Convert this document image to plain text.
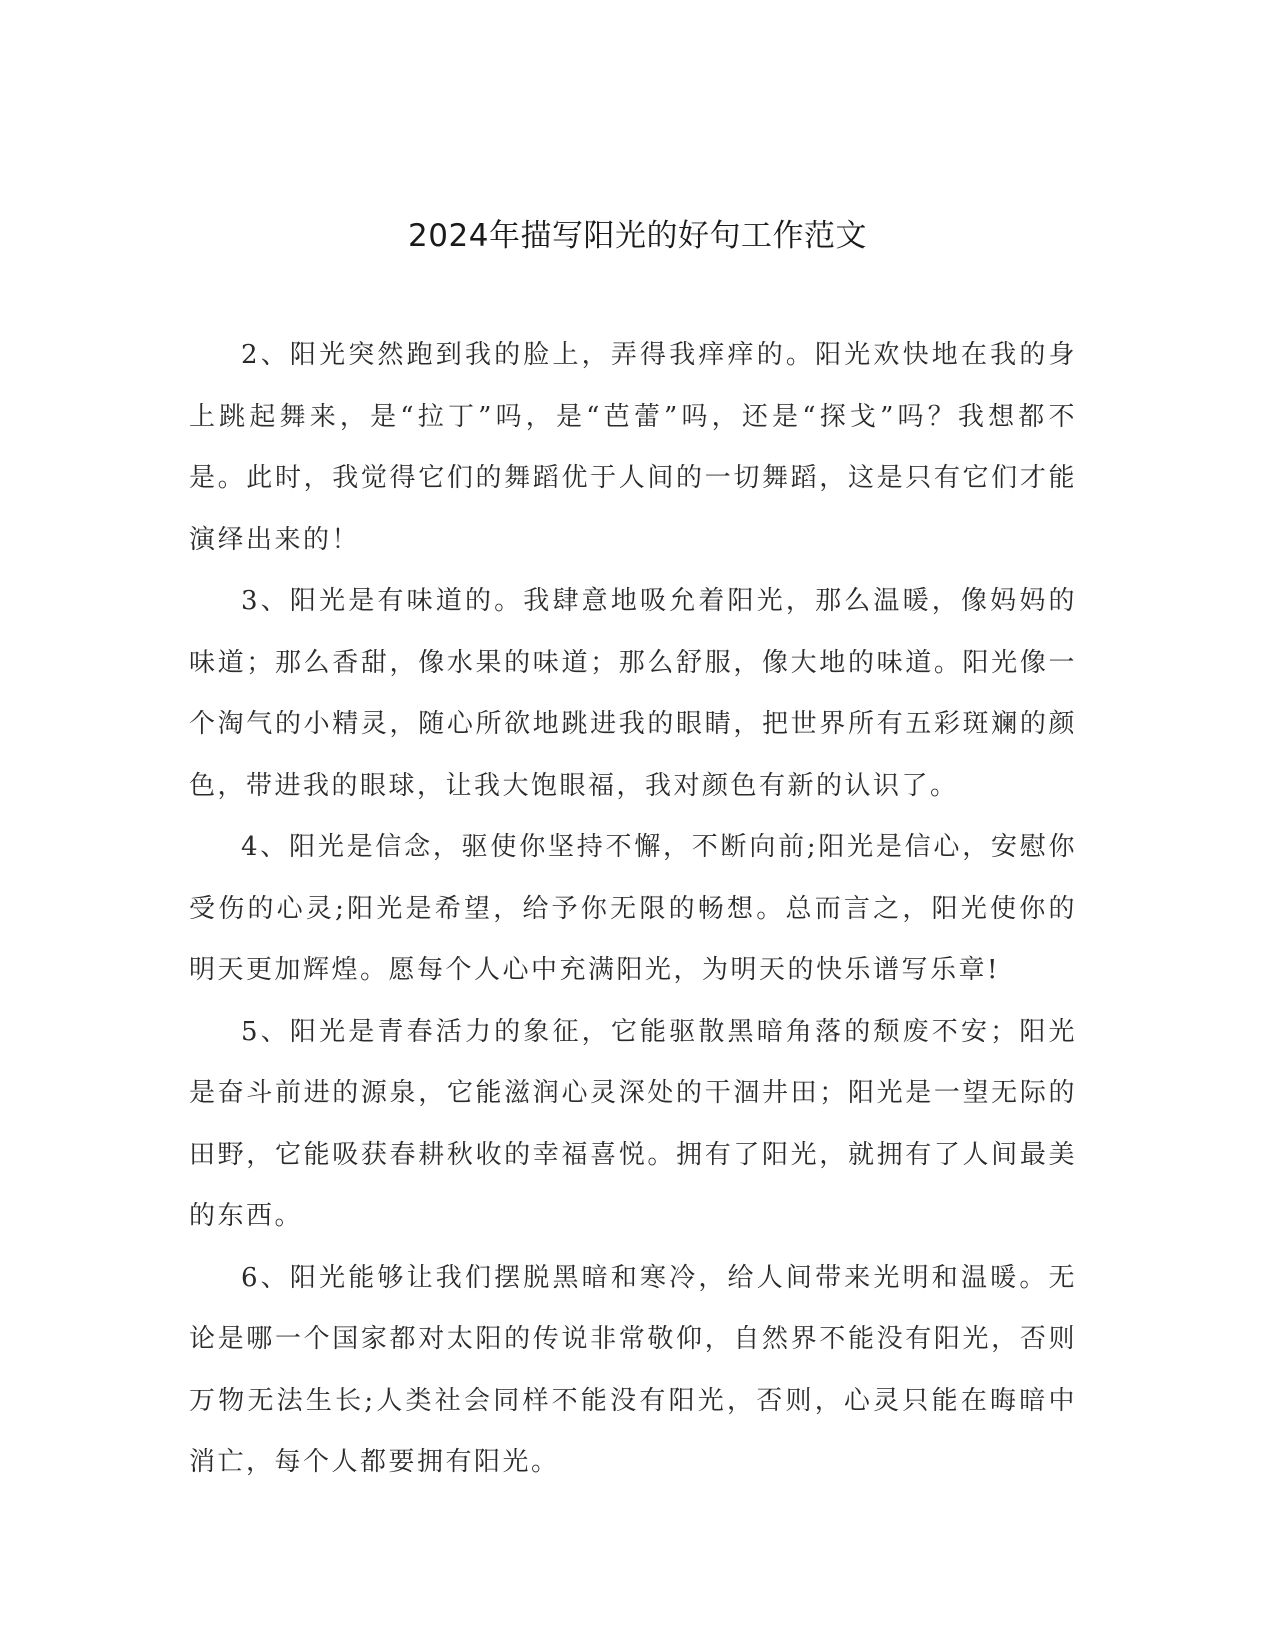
2024年描写阳光的好句工作范文

2、阳光突然跑到我的脸上，弄得我痒痒的。阳光欢快地在我的身上跳起舞来，是“拉丁”吗，是“芭蕾”吗，还是“探戈”吗？我想都不是。此时，我觉得它们的舞蹈优于人间的一切舞蹈，这是只有它们才能演绎出来的！

3、阳光是有味道的。我肆意地吸允着阳光，那么温暖，像妈妈的味道；那么香甜，像水果的味道；那么舒服，像大地的味道。阳光像一个淘气的小精灵，随心所欲地跳进我的眼睛，把世界所有五彩斑斓的颜色，带进我的眼球，让我大饱眼福，我对颜色有新的认识了。

4、阳光是信念，驱使你坚持不懈，不断向前;阳光是信心，安慰你受伤的心灵;阳光是希望，给予你无限的畅想。总而言之，阳光使你的明天更加辉煌。愿每个人心中充满阳光，为明天的快乐谱写乐章!

5、阳光是青春活力的象征，它能驱散黑暗角落的颓废不安；阳光是奋斗前进的源泉，它能滋润心灵深处的干涸井田；阳光是一望无际的田野，它能吸获春耕秋收的幸福喜悦。拥有了阳光，就拥有了人间最美的东西。

6、阳光能够让我们摆脱黑暗和寒冷，给人间带来光明和温暖。无论是哪一个国家都对太阳的传说非常敬仰，自然界不能没有阳光，否则万物无法生长;人类社会同样不能没有阳光，否则，心灵只能在晦暗中消亡，每个人都要拥有阳光。
